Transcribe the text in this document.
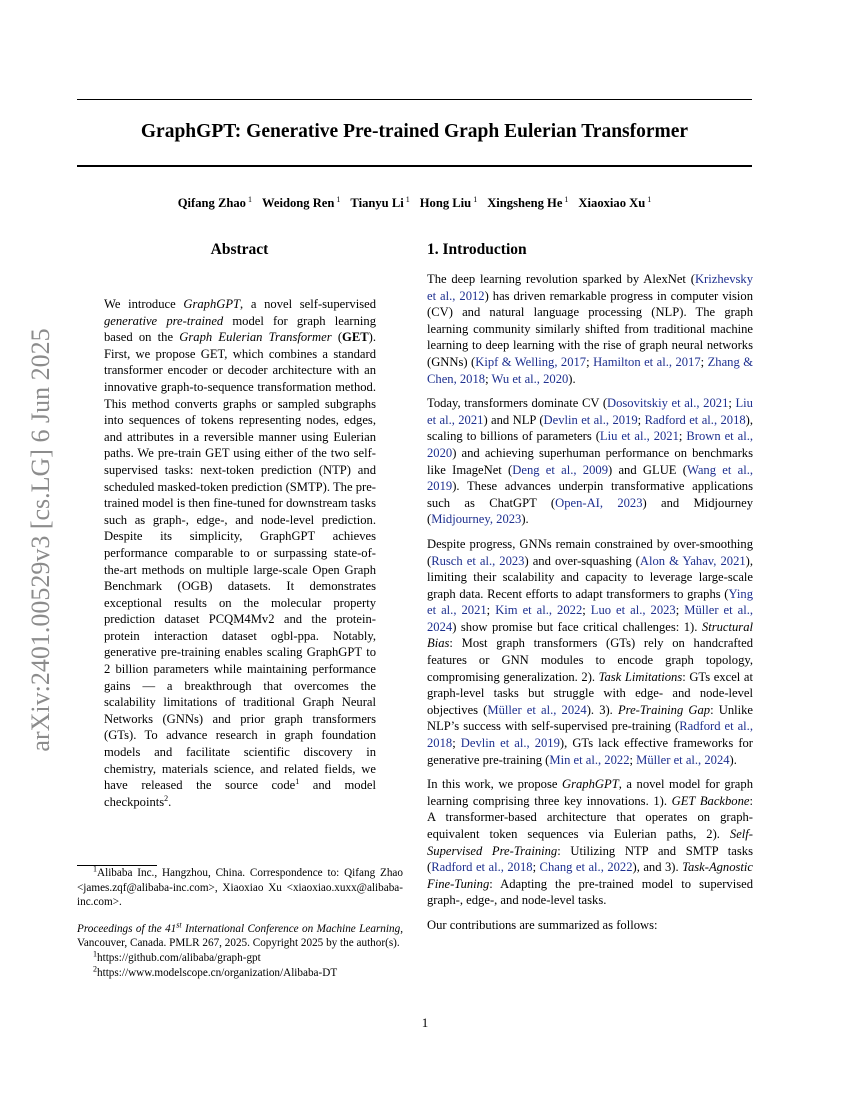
GraphGPT: Generative Pre-trained Graph Eulerian Transformer
Qifang Zhao $^1$ Weidong Ren $^1$ Tianyu Li $^1$ Hong Liu $^1$ Xingsheng He $^1$ Xiaoxiao Xu $^1$
arXiv:2401.00529v3 [cs.LG] 6 Jun 2025
Abstract

We introduce GraphGPT, a novel self-supervised generative pre-trained model for graph learning based on the Graph Eulerian Transformer (GET). First, we propose GET, which combines a standard transformer encoder or decoder architecture with an innovative graph-to-sequence transformation method. This method converts graphs or sampled subgraphs into sequences of tokens representing nodes, edges, and attributes in a reversible manner using Eulerian paths. We pre-train GET using either of the two self-supervised tasks: next-token prediction (NTP) and scheduled masked-token prediction (SMTP). The pre-trained model is then fine-tuned for downstream tasks such as graph-, edge-, and node-level prediction. Despite its simplicity, GraphGPT achieves performance comparable to or surpassing state-of-the-art methods on multiple large-scale Open Graph Benchmark (OGB) datasets. It demonstrates exceptional results on the molecular property prediction dataset PCQM4Mv2 and the protein-protein interaction dataset ogbl-ppa. Notably, generative pre-training enables scaling GraphGPT to 2 billion parameters while maintaining performance gains — a breakthrough that overcomes the scalability limitations of traditional Graph Neural Networks (GNNs) and prior graph transformers (GTs). To advance research in graph foundation models and facilitate scientific discovery in chemistry, materials science, and related fields, we have released the source code$^1$ and model checkpoints$^2$.

1. Introduction

The deep learning revolution sparked by AlexNet (Krizhevsky et al., 2012) has driven remarkable progress in computer vision (CV) and natural language processing (NLP). The graph learning community similarly shifted from traditional machine learning to deep learning with the rise of graph neural networks (GNNs) (Kipf & Welling, 2017; Hamilton et al., 2017; Zhang & Chen, 2018; Wu et al., 2020).

Today, transformers dominate CV (Dosovitskiy et al., 2021; Liu et al., 2021) and NLP (Devlin et al., 2019; Radford et al., 2018), scaling to billions of parameters (Liu et al., 2021; Brown et al., 2020) and achieving superhuman performance on benchmarks like ImageNet (Deng et al., 2009) and GLUE (Wang et al., 2019). These advances underpin transformative applications such as ChatGPT (Open-AI, 2023) and Midjourney (Midjourney, 2023).

Despite progress, GNNs remain constrained by over-smoothing (Rusch et al., 2023) and over-squashing (Alon & Yahav, 2021), limiting their scalability and capacity to leverage large-scale graph data. Recent efforts to adapt transformers to graphs (Ying et al., 2021; Kim et al., 2022; Luo et al., 2023; Müller et al., 2024) show promise but face critical challenges: 1). Structural Bias: Most graph transformers (GTs) rely on handcrafted features or GNN modules to encode graph topology, compromising generalization. 2). Task Limitations: GTs excel at graph-level tasks but struggle with edge- and node-level objectives (Müller et al., 2024). 3). Pre-Training Gap: Unlike NLP’s success with self-supervised pre-training (Radford et al., 2018; Devlin et al., 2019), GTs lack effective frameworks for generative pre-training (Min et al., 2022; Müller et al., 2024).

In this work, we propose GraphGPT, a novel model for graph learning comprising three key innovations. 1). GET Backbone: A transformer-based architecture that operates on graph-equivalent token sequences via Eulerian paths, 2). Self-Supervised Pre-Training: Utilizing NTP and SMTP tasks (Radford et al., 2018; Chang et al., 2022), and 3). Task-Agnostic Fine-Tuning: Adapting the pre-trained model to supervised graph-, edge-, and node-level tasks.

Our contributions are summarized as follows:

$^1$Alibaba Inc., Hangzhou, China. Correspondence to: Qifang Zhao <james.zqf@alibaba-inc.com>, Xiaoxiao Xu <xiaoxiao.xuxx@alibaba-inc.com>.

Proceedings of the 41st International Conference on Machine Learning, Vancouver, Canada. PMLR 267, 2025. Copyright 2025 by the author(s).

$^1$https://github.com/alibaba/graph-gpt

$^2$https://www.modelscope.cn/organization/Alibaba-DT

1
